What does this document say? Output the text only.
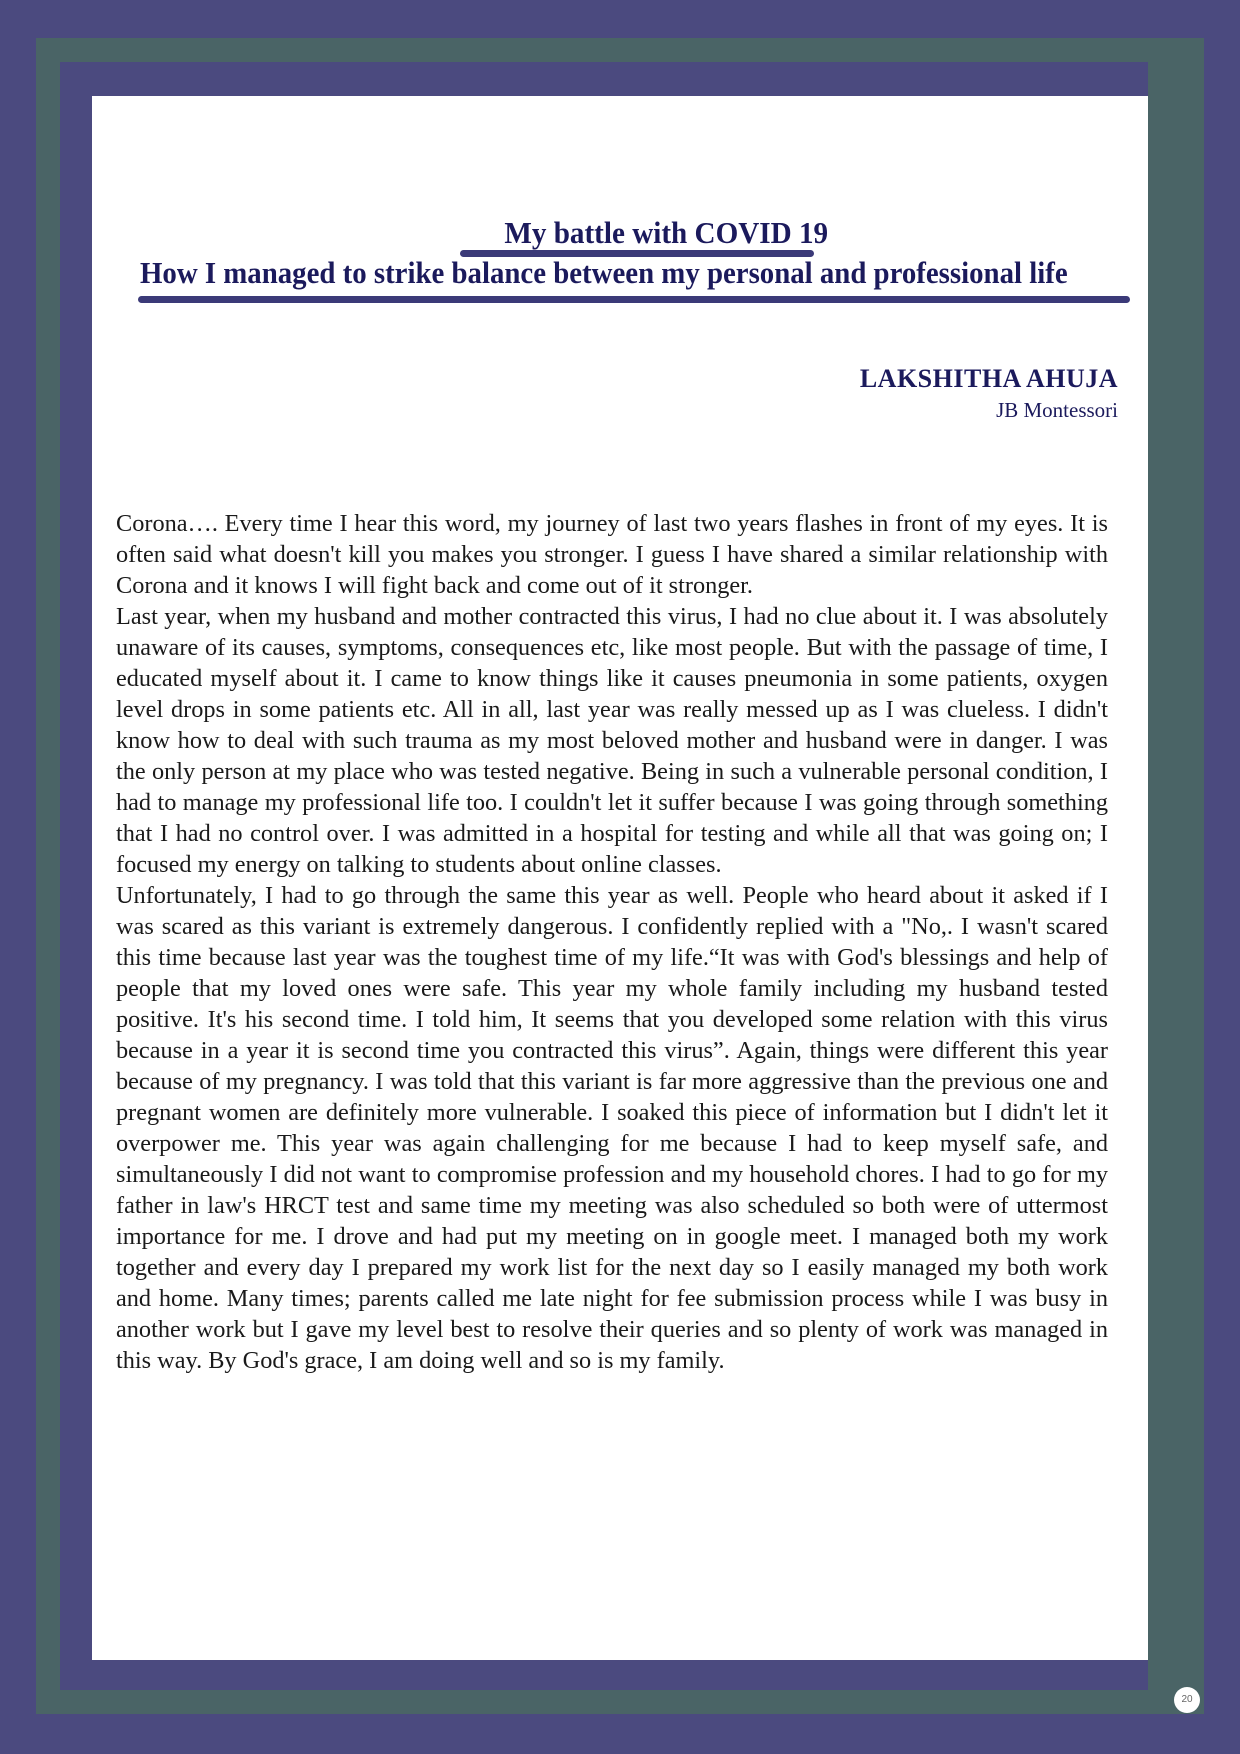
My battle with COVID 19
How I managed to strike balance between my personal and professional life
LAKSHITHA AHUJA
JB Montessori

Corona…. Every time I hear this word, my journey of last two years flashes in front of my eyes. It is often said what doesn't kill you makes you stronger. I guess I have shared a similar relationship with Corona and it knows I will fight back and come out of it stronger.

Last year, when my husband and mother contracted this virus, I had no clue about it. I was absolutely unaware of its causes, symptoms, consequences etc, like most people. But with the passage of time, I educated myself about it. I came to know things like it causes pneumonia in some patients, oxygen level drops in some patients etc. All in all, last year was really messed up as I was clueless. I didn't know how to deal with such trauma as my most beloved mother and husband were in danger. I was the only person at my place who was tested negative. Being in such a vulnerable personal condition, I had to manage my professional life too. I couldn't let it suffer because I was going through something that I had no control over. I was admitted in a hospital for testing and while all that was going on; I focused my energy on talking to students about online classes.

Unfortunately, I had to go through the same this year as well. People who heard about it asked if I was scared as this variant is extremely dangerous. I confidently replied with a "No,. I wasn't scared this time because last year was the toughest time of my life.“It was with God's blessings and help of people that my loved ones were safe. This year my whole family including my husband tested positive. It's his second time. I told him, It seems that you developed some relation with this virus because in a year it is second time you contracted this virus”. Again, things were different this year because of my pregnancy. I was told that this variant is far more aggressive than the previous one and pregnant women are definitely more vulnerable. I soaked this piece of information but I didn't let it overpower me. This year was again challenging for me because I had to keep myself safe, and simultaneously I did not want to compromise profession and my household chores. I had to go for my father in law's HRCT test and same time my meeting was also scheduled so both were of uttermost importance for me. I drove and had put my meeting on in google meet. I managed both my work together and every day I prepared my work list for the next day so I easily managed my both work and home. Many times; parents called me late night for fee submission process while I was busy in another work but I gave my level best to resolve their queries and so plenty of work was managed in this way. By God's grace, I am doing well and so is my family.

20
